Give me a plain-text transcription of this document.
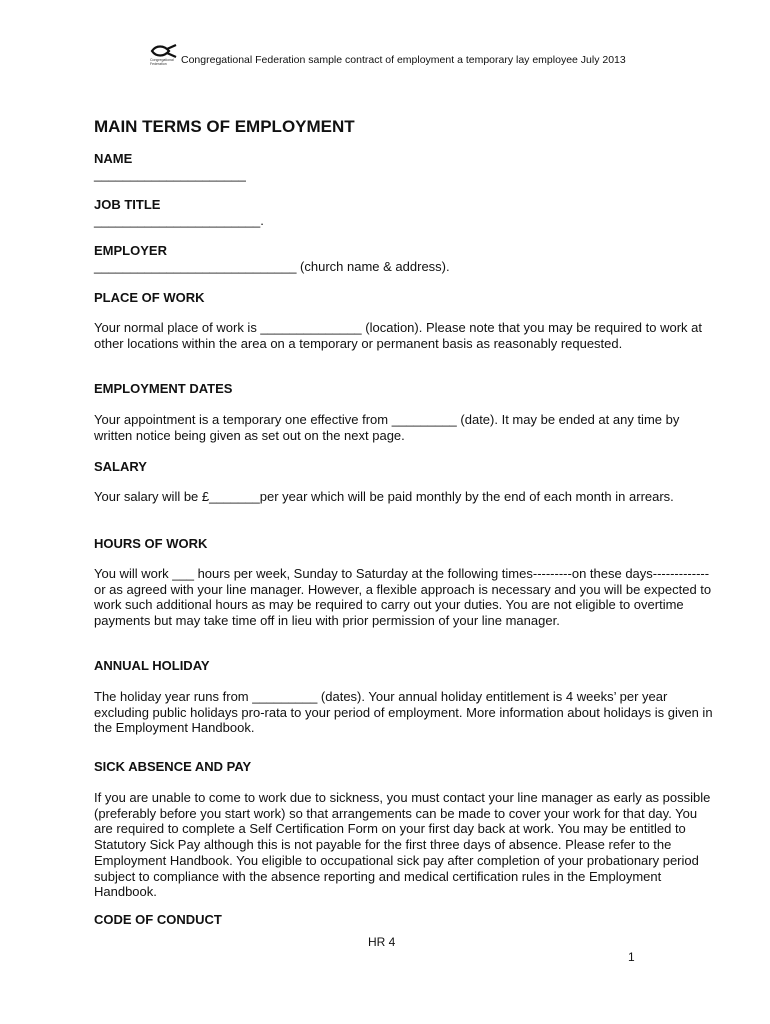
Congregational Federation	Congregational Federation sample contract of employment a temporary lay employee July 2013
MAIN TERMS OF EMPLOYMENT
NAME
_____________________
JOB TITLE
_______________________.
EMPLOYER
____________________________ (church name & address).
PLACE OF WORK
Your normal place of work is ______________ (location). Please note that you may be required to work at other locations within the area on a temporary or permanent basis as reasonably requested.
EMPLOYMENT DATES
Your appointment is a temporary one effective from _________ (date). It may be ended at any time by written notice being given as set out on the next page.
SALARY
Your salary will be £_______per year which will be paid monthly by the end of each month in arrears.
HOURS OF WORK
You will work ___ hours per week, Sunday to Saturday at the following times---------on these days-------------or as agreed with your line manager. However, a flexible approach is necessary and you will be expected to work such additional hours as may be required to carry out your duties. You are not eligible to overtime payments but may take time off in lieu with prior permission of your line manager.
ANNUAL HOLIDAY
The holiday year runs from _________ (dates). Your annual holiday entitlement is 4 weeks’ per year excluding public holidays pro-rata to your period of employment. More information about holidays is given in the Employment Handbook.
SICK ABSENCE AND PAY
If you are unable to come to work due to sickness, you must contact your line manager as early as possible (preferably before you start work) so that arrangements can be made to cover your work for that day. You are required to complete a Self Certification Form on your first day back at work. You may be entitled to Statutory Sick Pay although this is not payable for the first three days of absence. Please refer to the Employment Handbook. You eligible to occupational sick pay after completion of your probationary period subject to compliance with the absence reporting and medical certification rules in the Employment Handbook.
CODE OF CONDUCT
HR 4
1
